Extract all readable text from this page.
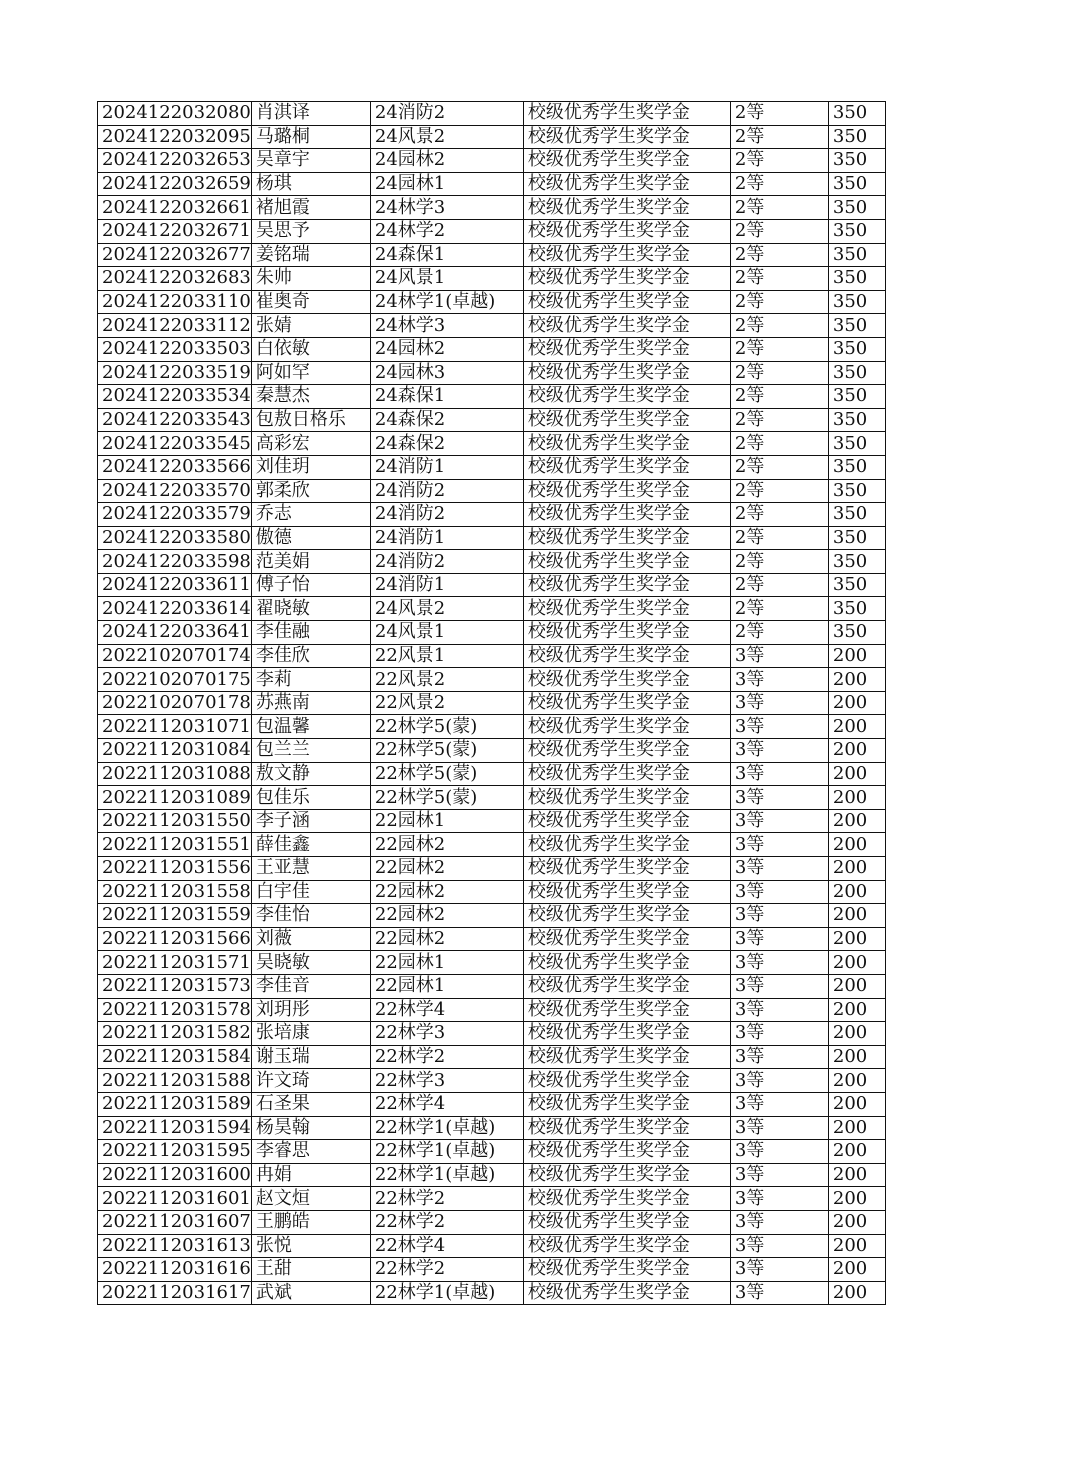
2024122032080	肖淇译	24消防2	校级优秀学生奖学金	2等	350
2024122032095	马璐桐	24风景2	校级优秀学生奖学金	2等	350
2024122032653	吴章宇	24园林2	校级优秀学生奖学金	2等	350
2024122032659	杨琪	24园林1	校级优秀学生奖学金	2等	350
2024122032661	褚旭霞	24林学3	校级优秀学生奖学金	2等	350
2024122032671	吴思予	24林学2	校级优秀学生奖学金	2等	350
2024122032677	姜铭瑞	24森保1	校级优秀学生奖学金	2等	350
2024122032683	朱帅	24风景1	校级优秀学生奖学金	2等	350
2024122033110	崔奥奇	24林学1(卓越)	校级优秀学生奖学金	2等	350
2024122033112	张婧	24林学3	校级优秀学生奖学金	2等	350
2024122033503	白依敏	24园林2	校级优秀学生奖学金	2等	350
2024122033519	阿如罕	24园林3	校级优秀学生奖学金	2等	350
2024122033534	秦慧杰	24森保1	校级优秀学生奖学金	2等	350
2024122033543	包敖日格乐	24森保2	校级优秀学生奖学金	2等	350
2024122033545	高彩宏	24森保2	校级优秀学生奖学金	2等	350
2024122033566	刘佳玥	24消防1	校级优秀学生奖学金	2等	350
2024122033570	郭柔欣	24消防2	校级优秀学生奖学金	2等	350
2024122033579	乔志	24消防2	校级优秀学生奖学金	2等	350
2024122033580	傲德	24消防1	校级优秀学生奖学金	2等	350
2024122033598	范美娟	24消防2	校级优秀学生奖学金	2等	350
2024122033611	傅子怡	24消防1	校级优秀学生奖学金	2等	350
2024122033614	翟晓敏	24风景2	校级优秀学生奖学金	2等	350
2024122033641	李佳融	24风景1	校级优秀学生奖学金	2等	350
2022102070174	李佳欣	22风景1	校级优秀学生奖学金	3等	200
2022102070175	李莉	22风景2	校级优秀学生奖学金	3等	200
2022102070178	苏燕南	22风景2	校级优秀学生奖学金	3等	200
2022112031071	包温馨	22林学5(蒙)	校级优秀学生奖学金	3等	200
2022112031084	包兰兰	22林学5(蒙)	校级优秀学生奖学金	3等	200
2022112031088	敖文静	22林学5(蒙)	校级优秀学生奖学金	3等	200
2022112031089	包佳乐	22林学5(蒙)	校级优秀学生奖学金	3等	200
2022112031550	李子涵	22园林1	校级优秀学生奖学金	3等	200
2022112031551	薛佳鑫	22园林2	校级优秀学生奖学金	3等	200
2022112031556	王亚慧	22园林2	校级优秀学生奖学金	3等	200
2022112031558	白宇佳	22园林2	校级优秀学生奖学金	3等	200
2022112031559	李佳怡	22园林2	校级优秀学生奖学金	3等	200
2022112031566	刘薇	22园林2	校级优秀学生奖学金	3等	200
2022112031571	吴晓敏	22园林1	校级优秀学生奖学金	3等	200
2022112031573	李佳音	22园林1	校级优秀学生奖学金	3等	200
2022112031578	刘玥彤	22林学4	校级优秀学生奖学金	3等	200
2022112031582	张培康	22林学3	校级优秀学生奖学金	3等	200
2022112031584	谢玉瑞	22林学2	校级优秀学生奖学金	3等	200
2022112031588	许文琦	22林学3	校级优秀学生奖学金	3等	200
2022112031589	石圣果	22林学4	校级优秀学生奖学金	3等	200
2022112031594	杨昊翰	22林学1(卓越)	校级优秀学生奖学金	3等	200
2022112031595	李睿思	22林学1(卓越)	校级优秀学生奖学金	3等	200
2022112031600	冉娟	22林学1(卓越)	校级优秀学生奖学金	3等	200
2022112031601	赵文烜	22林学2	校级优秀学生奖学金	3等	200
2022112031607	王鹏皓	22林学2	校级优秀学生奖学金	3等	200
2022112031613	张悦	22林学4	校级优秀学生奖学金	3等	200
2022112031616	王甜	22林学2	校级优秀学生奖学金	3等	200
2022112031617	武斌	22林学1(卓越)	校级优秀学生奖学金	3等	200
